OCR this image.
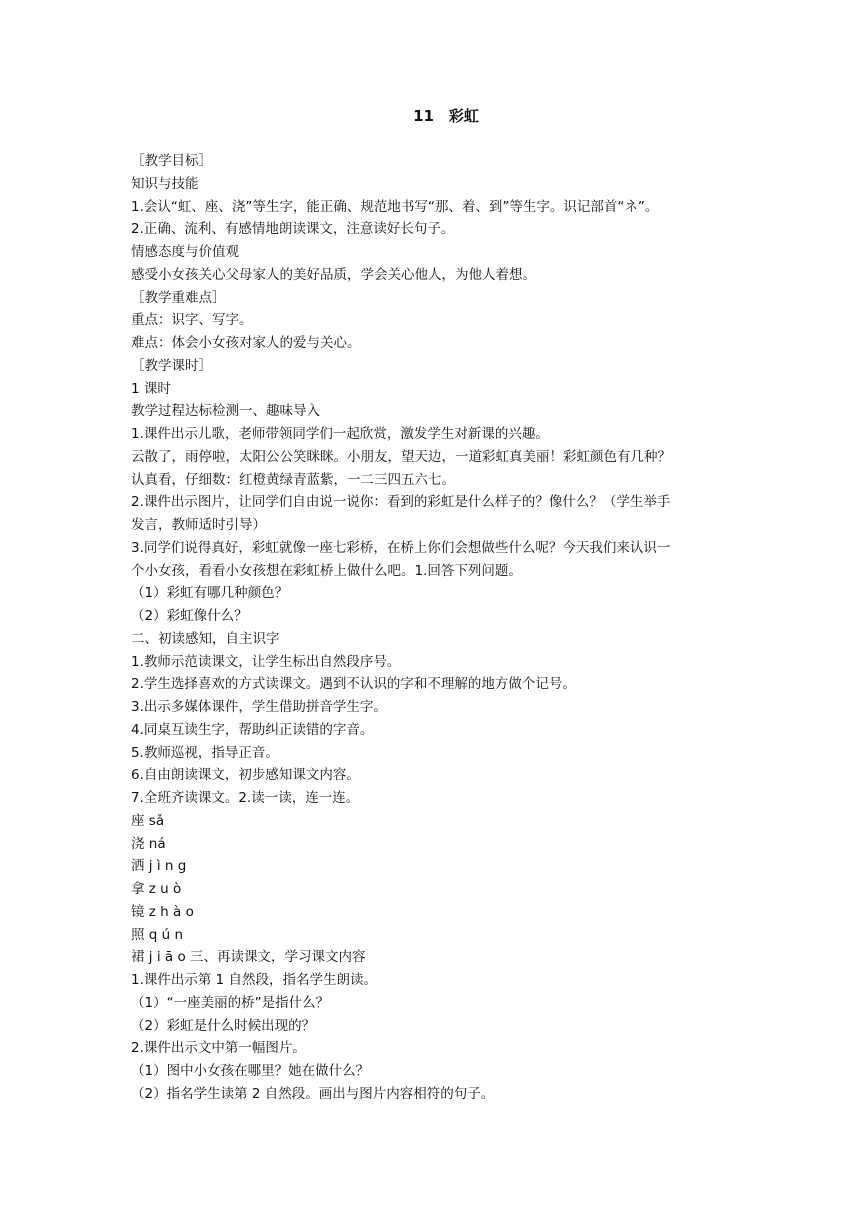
11　彩虹
［教学目标］
知识与技能
1.会认“虹、座、浇”等生字，能正确、规范地书写“那、着、到”等生字。识记部首“ネ”。
2.正确、流利、有感情地朗读课文，注意读好长句子。
情感态度与价值观
感受小女孩关心父母家人的美好品质，学会关心他人，为他人着想。
［教学重难点］
重点：识字、写字。
难点：体会小女孩对家人的爱与关心。
［教学课时］
1 课时
教学过程达标检测一、趣味导入
1.课件出示儿歌，老师带领同学们一起欣赏，激发学生对新课的兴趣。
云散了，雨停啦，太阳公公笑眯眯。小朋友，望天边，一道彩虹真美丽！彩虹颜色有几种？
认真看，仔细数：红橙黄绿青蓝紫，一二三四五六七。
2.课件出示图片，让同学们自由说一说你：看到的彩虹是什么样子的？像什么？（学生举手
发言，教师适时引导）
3.同学们说得真好，彩虹就像一座七彩桥，在桥上你们会想做些什么呢？今天我们来认识一
个小女孩，看看小女孩想在彩虹桥上做什么吧。1.回答下列问题。
（1）彩虹有哪几种颜色？
（2）彩虹像什么？
二、初读感知，自主识字
1.教师示范读课文，让学生标出自然段序号。
2.学生选择喜欢的方式读课文。遇到不认识的字和不理解的地方做个记号。
3.出示多媒体课件，学生借助拼音学生字。
4.同桌互读生字，帮助纠正读错的字音。
5.教师巡视，指导正音。
6.自由朗读课文，初步感知课文内容。
7.全班齐读课文。2.读一读，连一连。
座 sǎ
浇 ná
洒 j ì n g
拿 z u ò
镜 z h à o
照 q ú n
裙 j i ā o 三、再读课文，学习课文内容
1.课件出示第 1 自然段，指名学生朗读。
（1）“一座美丽的桥”是指什么？
（2）彩虹是什么时候出现的？
2.课件出示文中第一幅图片。
（1）图中小女孩在哪里？她在做什么？
（2）指名学生读第 2 自然段。画出与图片内容相符的句子。
